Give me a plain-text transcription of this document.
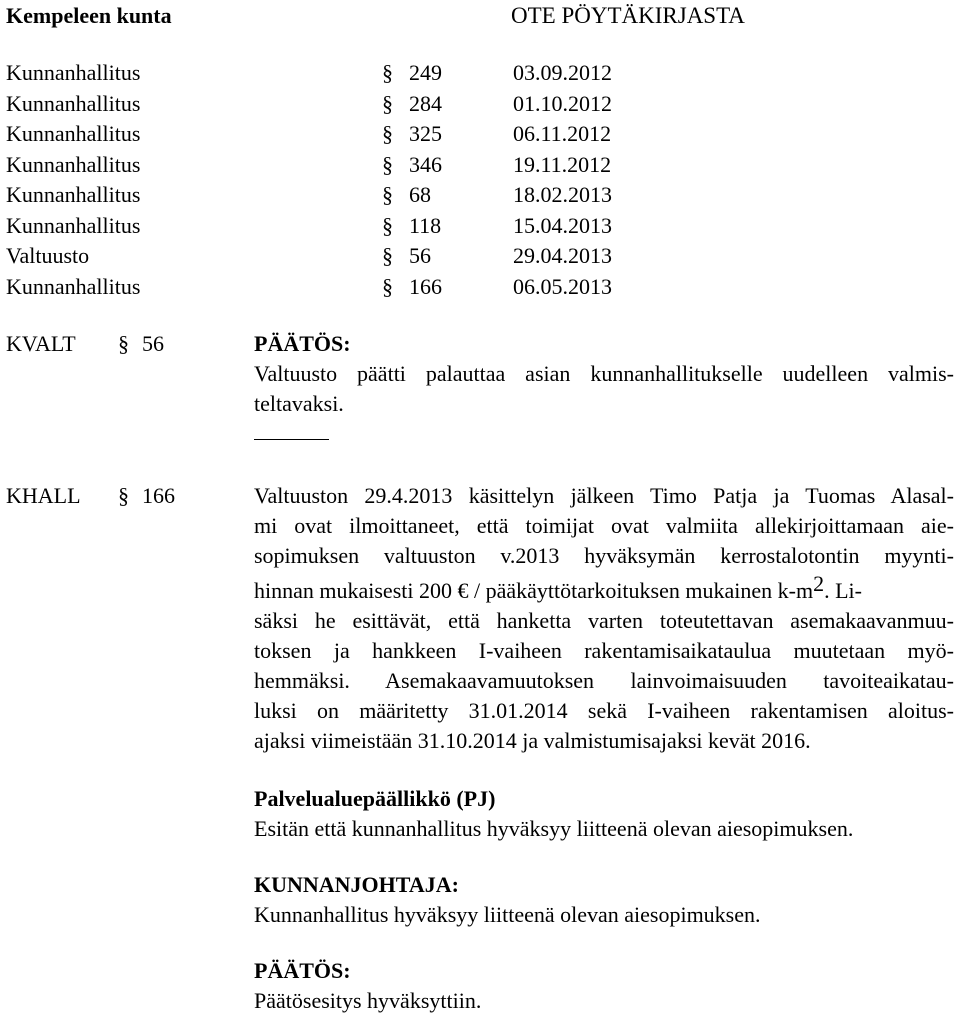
Kempeleen kunta	OTE PÖYTÄKIRJASTA
Kunnanhallitus	§ 249	03.09.2012
Kunnanhallitus	§ 284	01.10.2012
Kunnanhallitus	§ 325	06.11.2012
Kunnanhallitus	§ 346	19.11.2012
Kunnanhallitus	§ 68	18.02.2013
Kunnanhallitus	§ 118	15.04.2013
Valtuusto	§ 56	29.04.2013
Kunnanhallitus	§ 166	06.05.2013
KVALT § 56	PÄÄTÖS:

Valtuusto päätti palauttaa asian kunnanhallitukselle uudelleen valmis-

teltavaksi.

KHALL § 166	Valtuuston 29.4.2013 käsittelyn jälkeen Timo Patja ja Tuomas Alasal-

mi ovat ilmoittaneet, että toimijat ovat valmiita allekirjoittamaan aie-

sopimuksen valtuuston v.2013 hyväksymän kerrostalotontin myynti-

hinnan mukaisesti 200 € / pääkäyttötarkoituksen mukainen $k-m^2$. Li-

säksi he esittävät, että hanketta varten toteutettavan asemakaavanmuu-

toksen ja hankkeen I-vaiheen rakentamisaikataulua muutetaan myö-

hemmäksi. Asemakaavamuutoksen lainvoimaisuuden tavoiteaikatau-

luksi on määritetty 31.01.2014 sekä I-vaiheen rakentamisen aloitus-

ajaksi viimeistään 31.10.2014 ja valmistumisajaksi kevät 2016.

Palvelualuepäällikkö (PJ)

Esitän että kunnanhallitus hyväksyy liitteenä olevan aiesopimuksen.

KUNNANJOHTAJA:

Kunnanhallitus hyväksyy liitteenä olevan aiesopimuksen.

PÄÄTÖS:

Päätösesitys hyväksyttiin.
